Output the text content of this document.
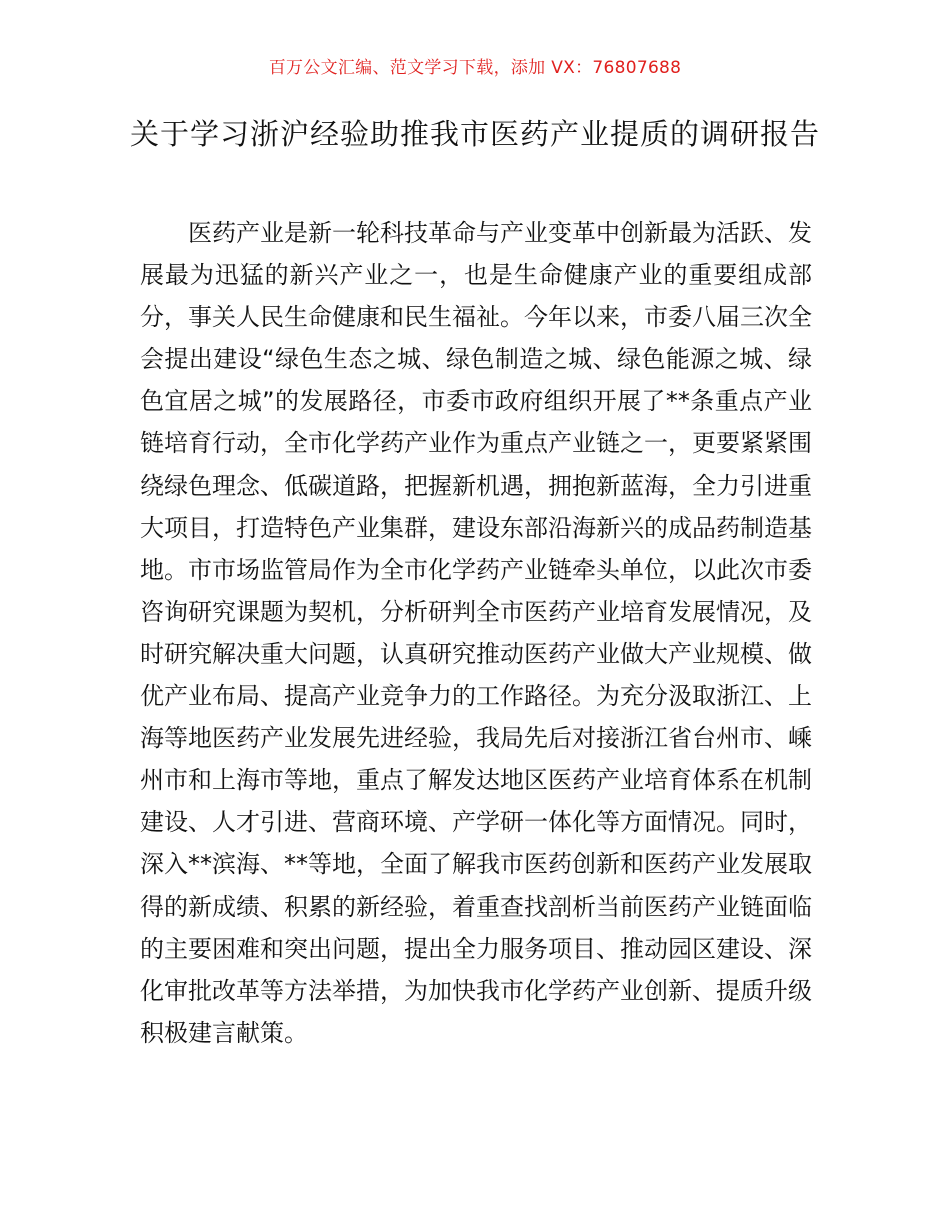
百万公文汇编、范文学习下载，添加 VX：76807688
关于学习浙沪经验助推我市医药产业提质的调研报告

医药产业是新一轮科技革命与产业变革中创新最为活跃、发展最为迅猛的新兴产业之一，也是生命健康产业的重要组成部分，事关人民生命健康和民生福祉。今年以来，市委八届三次全会提出建设“绿色生态之城、绿色制造之城、绿色能源之城、绿色宜居之城”的发展路径，市委市政府组织开展了**条重点产业链培育行动，全市化学药产业作为重点产业链之一，更要紧紧围绕绿色理念、低碳道路，把握新机遇，拥抱新蓝海，全力引进重大项目，打造特色产业集群，建设东部沿海新兴的成品药制造基地。市市场监管局作为全市化学药产业链牵头单位，以此次市委咨询研究课题为契机，分析研判全市医药产业培育发展情况，及时研究解决重大问题，认真研究推动医药产业做大产业规模、做优产业布局、提高产业竞争力的工作路径。为充分汲取浙江、上海等地医药产业发展先进经验，我局先后对接浙江省台州市、嵊州市和上海市等地，重点了解发达地区医药产业培育体系在机制建设、人才引进、营商环境、产学研一体化等方面情况。同时，深入**滨海、**等地，全面了解我市医药创新和医药产业发展取得的新成绩、积累的新经验，着重查找剖析当前医药产业链面临的主要困难和突出问题，提出全力服务项目、推动园区建设、深化审批改革等方法举措，为加快我市化学药产业创新、提质升级积极建言献策。
